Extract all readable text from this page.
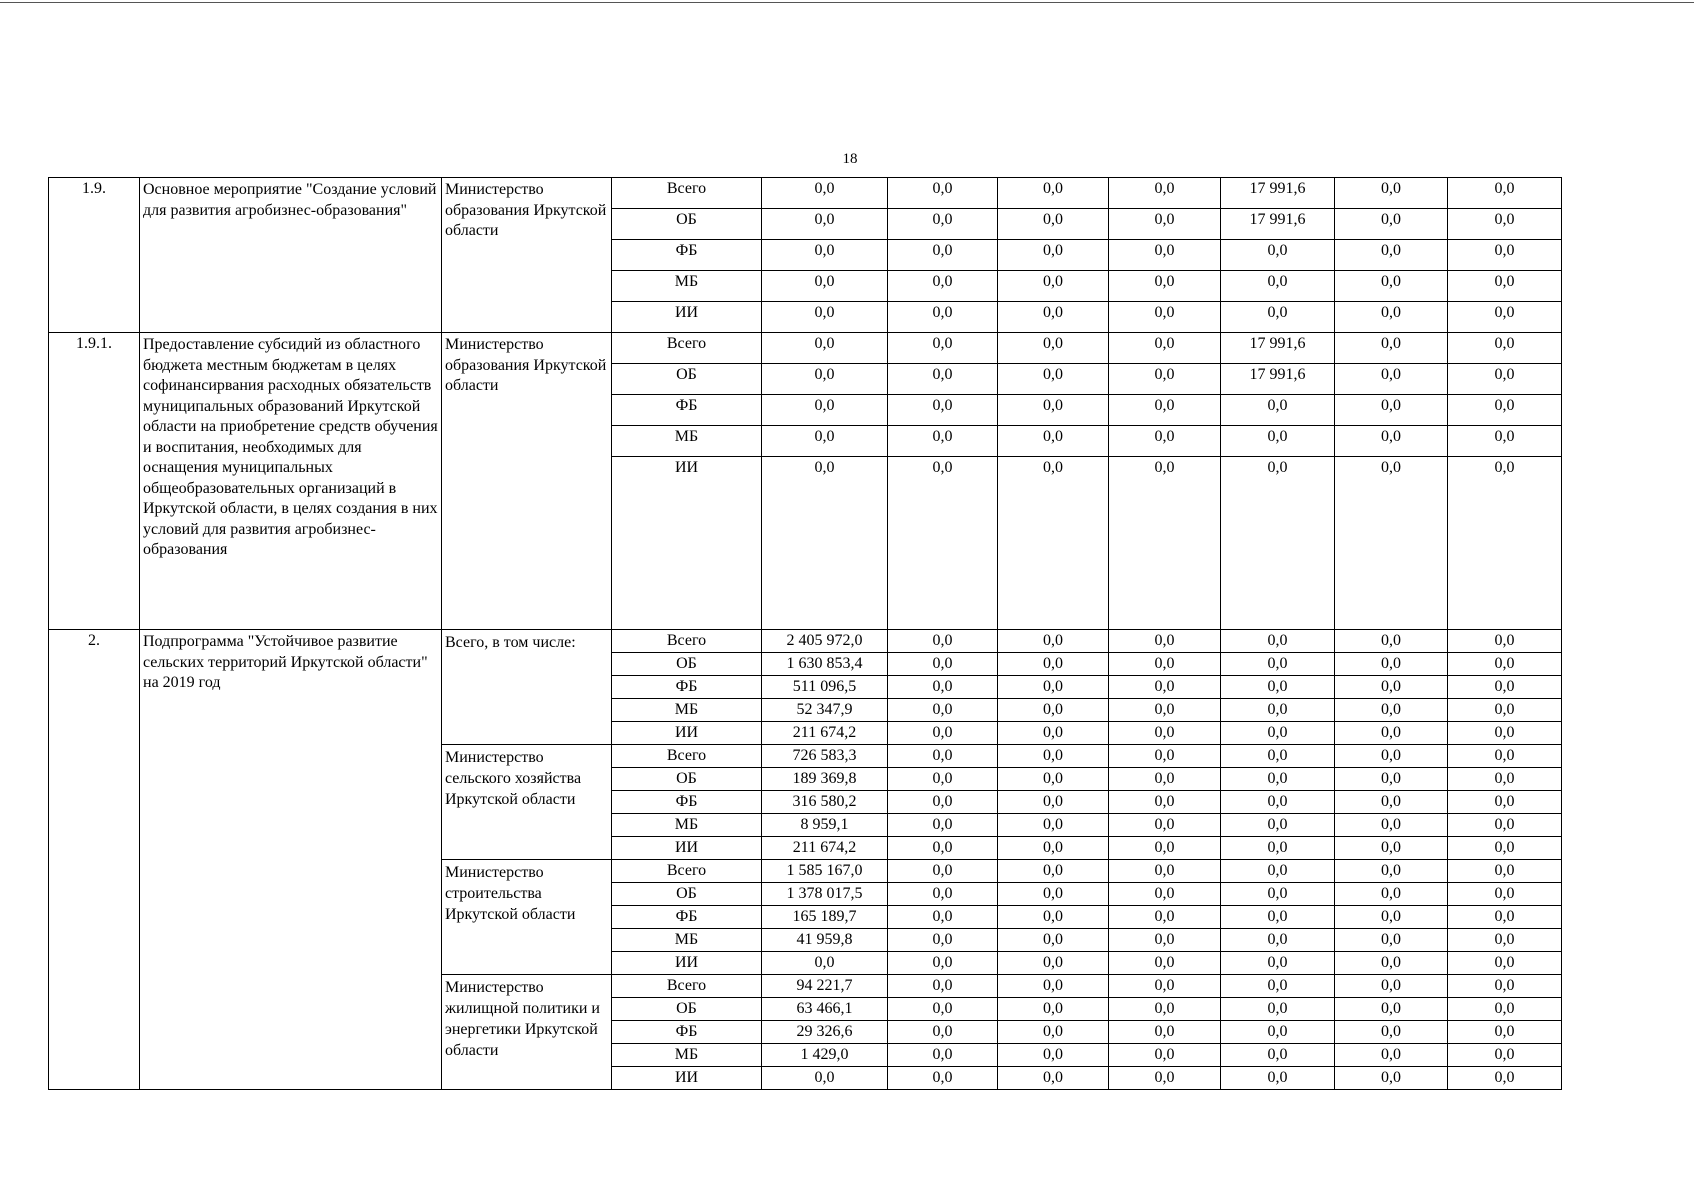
18
1.9.	Основное мероприятие "Создание условий для развития агробизнес-образования"	Министерство образования Иркутской области	Всего	0,0	0,0	0,0	0,0	17 991,6	0,0	0,0
			ОБ	0,0	0,0	0,0	0,0	17 991,6	0,0	0,0
			ФБ	0,0	0,0	0,0	0,0	0,0	0,0	0,0
			МБ	0,0	0,0	0,0	0,0	0,0	0,0	0,0
			ИИ	0,0	0,0	0,0	0,0	0,0	0,0	0,0
1.9.1.	Предоставление субсидий из областного бюджета местным бюджетам в целях софинансирвания расходных обязательств муниципальных образований Иркутской области на приобретение средств обучения и воспитания, необходимых для оснащения муниципальных общеобразовательных организаций в Иркутской области, в целях создания в них условий для развития агробизнес-образования	Министерство образования Иркутской области	Всего	0,0	0,0	0,0	0,0	17 991,6	0,0	0,0
			ОБ	0,0	0,0	0,0	0,0	17 991,6	0,0	0,0
			ФБ	0,0	0,0	0,0	0,0	0,0	0,0	0,0
			МБ	0,0	0,0	0,0	0,0	0,0	0,0	0,0
			ИИ	0,0	0,0	0,0	0,0	0,0	0,0	0,0
2.	Подпрограмма "Устойчивое развитие сельских территорий Иркутской области" на 2019 год	Всего, в том числе:	Всего	2 405 972,0	0,0	0,0	0,0	0,0	0,0	0,0
			ОБ	1 630 853,4	0,0	0,0	0,0	0,0	0,0	0,0
			ФБ	511 096,5	0,0	0,0	0,0	0,0	0,0	0,0
			МБ	52 347,9	0,0	0,0	0,0	0,0	0,0	0,0
			ИИ	211 674,2	0,0	0,0	0,0	0,0	0,0	0,0
		Министерство сельского хозяйства Иркутской области	Всего	726 583,3	0,0	0,0	0,0	0,0	0,0	0,0
			ОБ	189 369,8	0,0	0,0	0,0	0,0	0,0	0,0
			ФБ	316 580,2	0,0	0,0	0,0	0,0	0,0	0,0
			МБ	8 959,1	0,0	0,0	0,0	0,0	0,0	0,0
			ИИ	211 674,2	0,0	0,0	0,0	0,0	0,0	0,0
		Министерство строительства Иркутской области	Всего	1 585 167,0	0,0	0,0	0,0	0,0	0,0	0,0
			ОБ	1 378 017,5	0,0	0,0	0,0	0,0	0,0	0,0
			ФБ	165 189,7	0,0	0,0	0,0	0,0	0,0	0,0
			МБ	41 959,8	0,0	0,0	0,0	0,0	0,0	0,0
			ИИ	0,0	0,0	0,0	0,0	0,0	0,0	0,0
		Министерство жилищной политики и энергетики Иркутской области	Всего	94 221,7	0,0	0,0	0,0	0,0	0,0	0,0
			ОБ	63 466,1	0,0	0,0	0,0	0,0	0,0	0,0
			ФБ	29 326,6	0,0	0,0	0,0	0,0	0,0	0,0
			МБ	1 429,0	0,0	0,0	0,0	0,0	0,0	0,0
			ИИ	0,0	0,0	0,0	0,0	0,0	0,0	0,0
